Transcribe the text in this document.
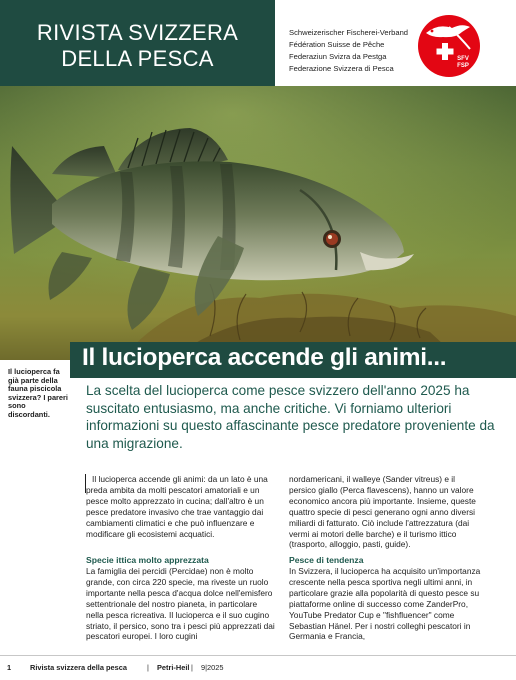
RIVISTA SVIZZERA
DELLA PESCA
Schweizerischer Fischerei-Verband
Fédération Suisse de Pêche
Federaziun Svizra da Pestga
Federazione Svizzera di Pesca
SFV
FSP
Il lucioperca accende gli animi...

Il lucioperca fa già parte della fauna piscicola svizzera? I pareri sono discordanti.

La scelta del lucioperca come pesce svizzero dell'anno 2025 ha suscitato entusiasmo, ma anche critiche. Vi forniamo ulteriori informazioni su questo affascinante pesce predatore proveniente da una migrazione.

Il lucioperca accende gli animi: da un lato è una preda ambita da molti pescatori amatoriali e un pesce molto apprezzato in cucina; dall'altro è un pesce predatore invasivo che trae vantaggio dai cambiamenti climatici e che può influenzare e modificare gli ecosistemi acquatici.

Specie ittica molto apprezzata

La famiglia dei percidi (Percidae) non è molto grande, con circa 220 specie, ma riveste un ruolo importante nella pesca d'acqua dolce nell'emisfero settentrionale del nostro pianeta, in particolare nella pesca ricreativa. Il lucioperca e il suo cugino striato, il persico, sono tra i pesci più apprezzati dai pescatori europei. I loro cugini

nordamericani, il walleye (Sander vitreus) e il persico giallo (Perca flavescens), hanno un valore economico ancora più importante. Insieme, queste quattro specie di pesci generano ogni anno diversi miliardi di fatturato. Ciò include l'attrezzatura (dai vermi ai motori delle barche) e il turismo ittico (trasporto, alloggio, pasti, guide).

Pesce di tendenza

In Svizzera, il lucioperca ha acquisito un'importanza crescente nella pesca sportiva negli ultimi anni, in particolare grazie alla popolarità di questo pesce su piattaforme online di successo come ZanderPro, YouTube Predator Cup e "fishfluencer" come Sebastian Hänel. Per i nostri colleghi pescatori in Germania e Francia,

1	Rivista svizzera della pesca	| Petri-Heil | 9|2025
